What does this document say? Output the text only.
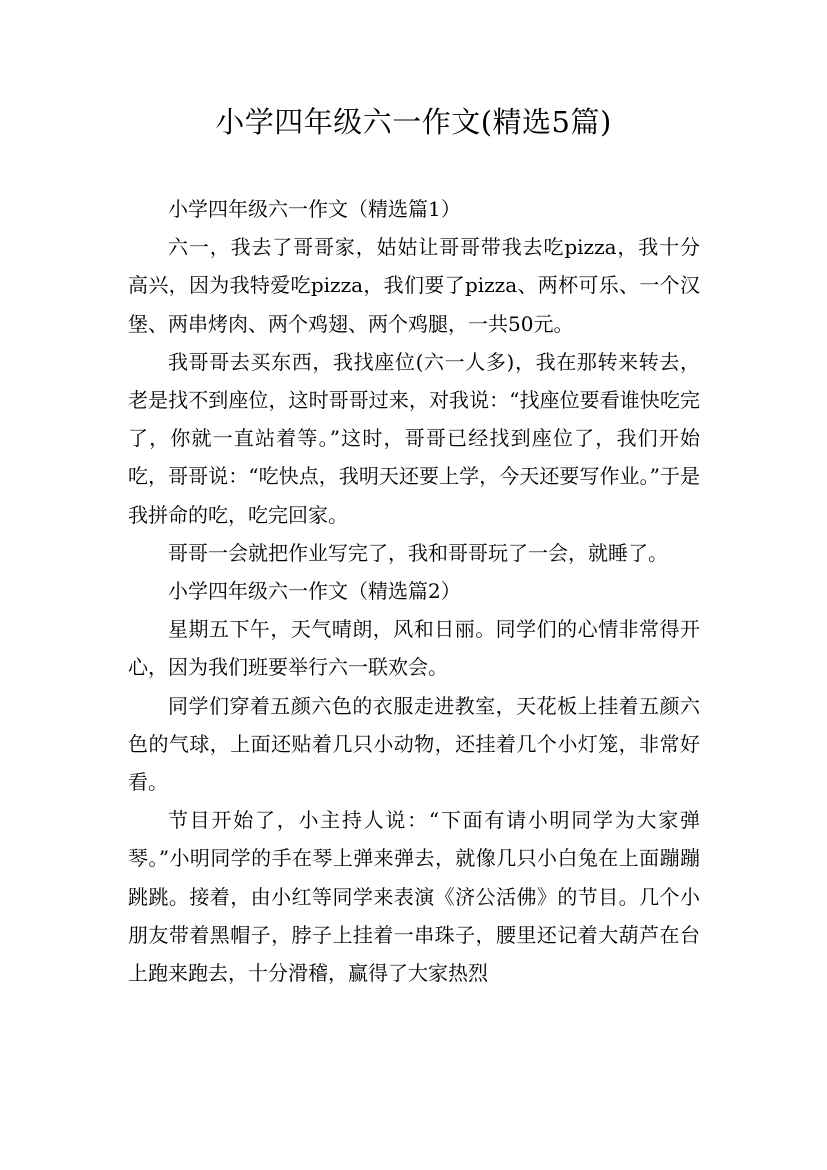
小学四年级六一作文(精选5篇)

小学四年级六一作文（精选篇1）

六一，我去了哥哥家，姑姑让哥哥带我去吃pizza，我十分高兴，因为我特爱吃pizza，我们要了pizza、两杯可乐、一个汉堡、两串烤肉、两个鸡翅、两个鸡腿，一共50元。

我哥哥去买东西，我找座位(六一人多)，我在那转来转去，老是找不到座位，这时哥哥过来，对我说：“找座位要看谁快吃完了，你就一直站着等。”这时，哥哥已经找到座位了，我们开始吃，哥哥说：“吃快点，我明天还要上学，今天还要写作业。”于是我拼命的吃，吃完回家。

哥哥一会就把作业写完了，我和哥哥玩了一会，就睡了。

小学四年级六一作文（精选篇2）

星期五下午，天气晴朗，风和日丽。同学们的心情非常得开心，因为我们班要举行六一联欢会。

同学们穿着五颜六色的衣服走进教室，天花板上挂着五颜六色的气球，上面还贴着几只小动物，还挂着几个小灯笼，非常好看。

节目开始了，小主持人说：“下面有请小明同学为大家弹琴。”小明同学的手在琴上弹来弹去，就像几只小白兔在上面蹦蹦跳跳。接着，由小红等同学来表演《济公活佛》的节目。几个小朋友带着黑帽子，脖子上挂着一串珠子，腰里还记着大葫芦在台上跑来跑去，十分滑稽，赢得了大家热烈
